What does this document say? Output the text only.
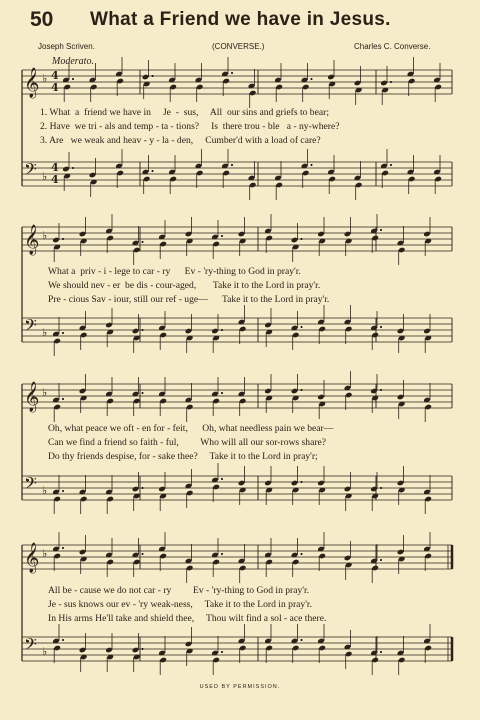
50 What a Friend we have in Jesus.
Joseph Scriven.	(CONVERSE.)	Charles C. Converse.
Moderato.
𝄞 ♭ 4
4
𝄢 ♭
4
4
𝄞 ♭
𝄢 ♭
𝄞 ♭
𝄢 ♭
𝄞 ♭
𝄢 ♭
1. What a friend we have in Je - sus, All our sins and griefs to bear;
2. Have we tri - als and temp - ta - tions? Is there trou - ble a - ny-where?
3. Are we weak and heav - y - la - den, Cumber'd with a load of care?
What a priv - i - lege to car - ry Ev - 'ry-thing to God in pray'r.
We should nev - er be dis - cour-aged, Take it to the Lord in pray'r.
Pre - cious Sav - iour, still our ref - uge— Take it to the Lord in pray'r.
Oh, what peace we oft - en for - feit, Oh, what needless pain we bear—
Can we find a friend so faith - ful, Who will all our sor-rows share?
Do thy friends despise, for - sake thee? Take it to the Lord in pray'r;
All be - cause we do not car - ry Ev - 'ry-thing to God in pray'r.
Je - sus knows our ev - 'ry weak-ness, Take it to the Lord in pray'r.
In His arms He'll take and shield thee, Thou wilt find a sol - ace there.
USED BY PERMISSION.
